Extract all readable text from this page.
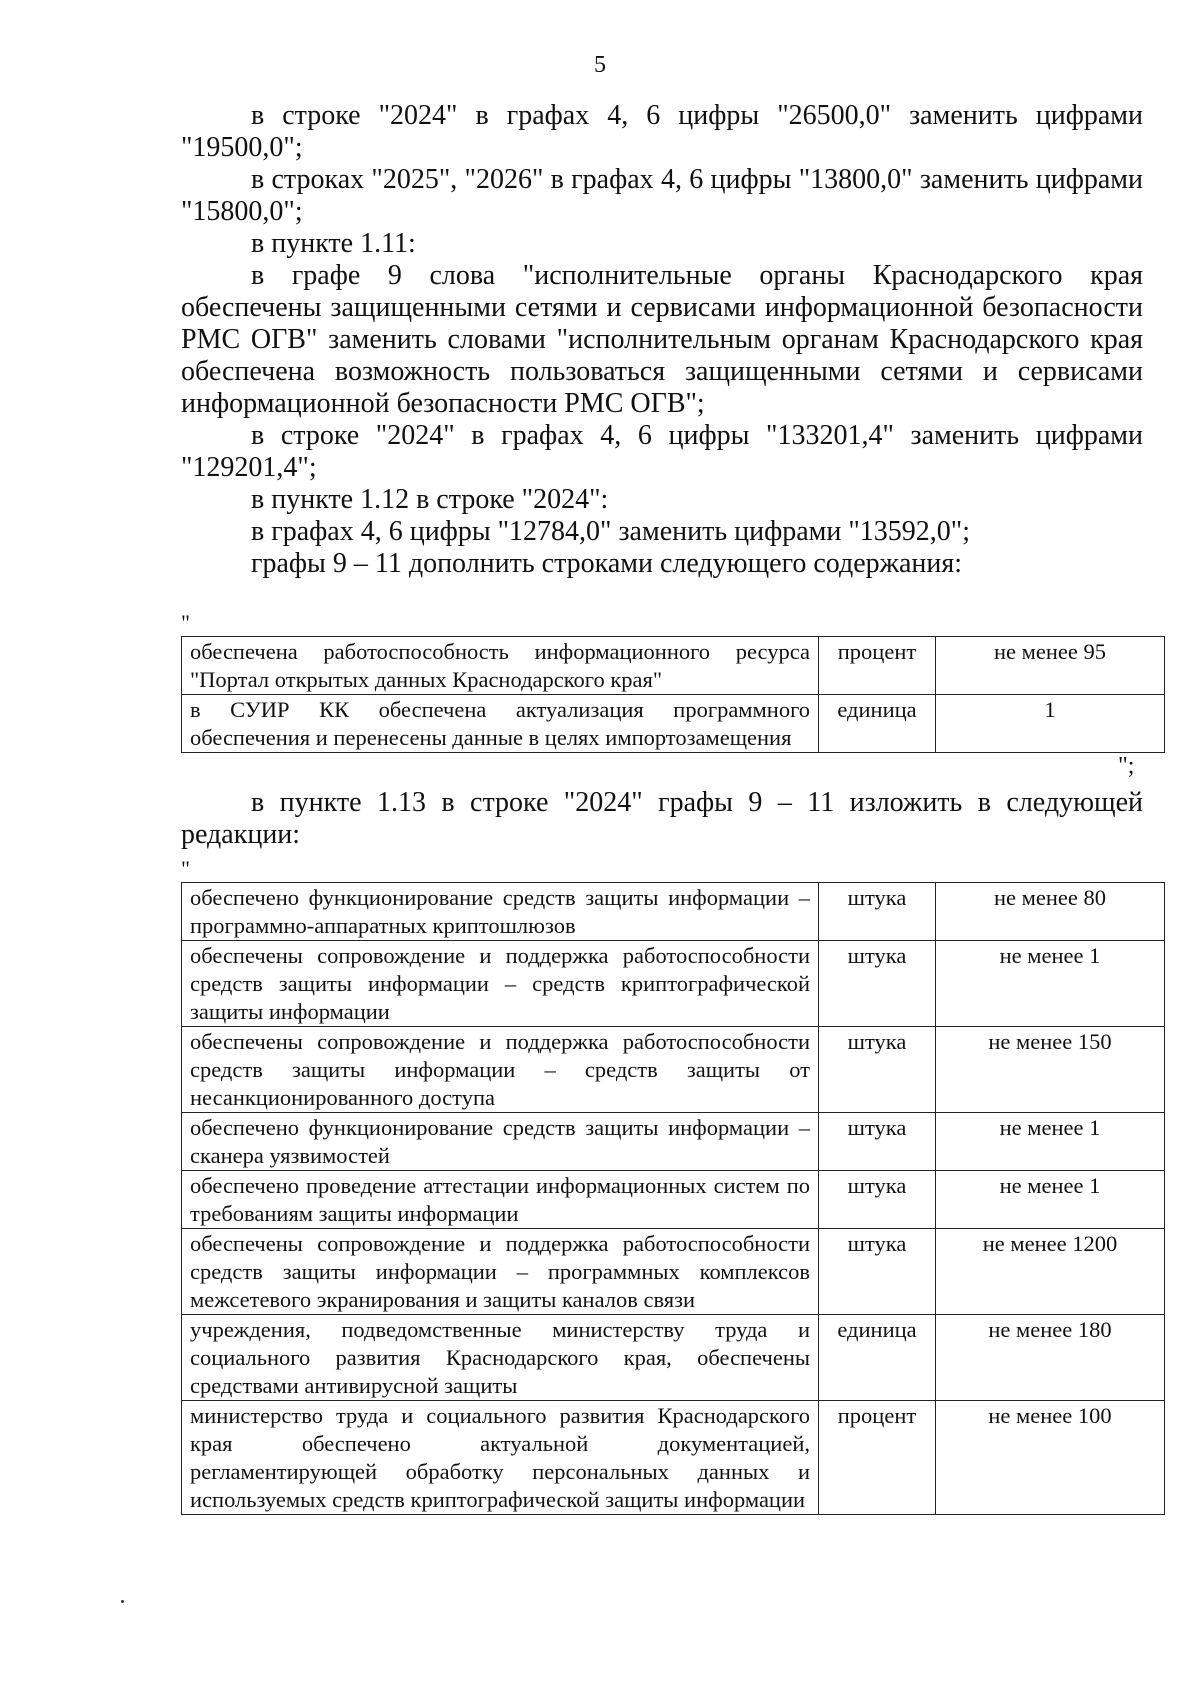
5

в строке "2024" в графах 4, 6 цифры "26500,0" заменить цифрами "19500,0";

в строках "2025", "2026" в графах 4, 6 цифры "13800,0" заменить цифрами "15800,0";

в пункте 1.11:

в графе 9 слова "исполнительные органы Краснодарского края обеспечены защищенными сетями и сервисами информационной безопасности РМС ОГВ" заменить словами "исполнительным органам Краснодарского края обеспечена возможность пользоваться защищенными сетями и сервисами информационной безопасности РМС ОГВ";

в строке "2024" в графах 4, 6 цифры "133201,4" заменить цифрами "129201,4";

в пункте 1.12 в строке "2024":

в графах 4, 6 цифры "12784,0" заменить цифрами "13592,0";

графы 9 – 11 дополнить строками следующего содержания:

"
обеспечена работоспособность информационного ресурса "Портал открытых данных Краснодарского края"	процент	не менее 95
в СУИР КК обеспечена актуализация программного обеспечения и перенесены данные в целях импортозамещения	единица	1
";

в пункте 1.13 в строке "2024" графы 9 – 11 изложить в следующей редакции:

"
обеспечено функционирование средств защиты информации – программно-аппаратных криптошлюзов	штука	не менее 80
обеспечены сопровождение и поддержка работоспособности средств защиты информации – средств криптографической защиты информации	штука	не менее 1
обеспечены сопровождение и поддержка работоспособности средств защиты информации – средств защиты от несанкционированного доступа	штука	не менее 150
обеспечено функционирование средств защиты информации – сканера уязвимостей	штука	не менее 1
обеспечено проведение аттестации информационных систем по требованиям защиты информации	штука	не менее 1
обеспечены сопровождение и поддержка работоспособности средств защиты информации – программных комплексов межсетевого экранирования и защиты каналов связи	штука	не менее 1200
учреждения, подведомственные министерству труда и социального развития Краснодарского края, обеспечены средствами антивирусной защиты	единица	не менее 180
министерство труда и социального развития Краснодарского края обеспечено актуальной документацией, регламентирующей обработку персональных данных и используемых средств криптографической защиты информации	процент	не менее 100
